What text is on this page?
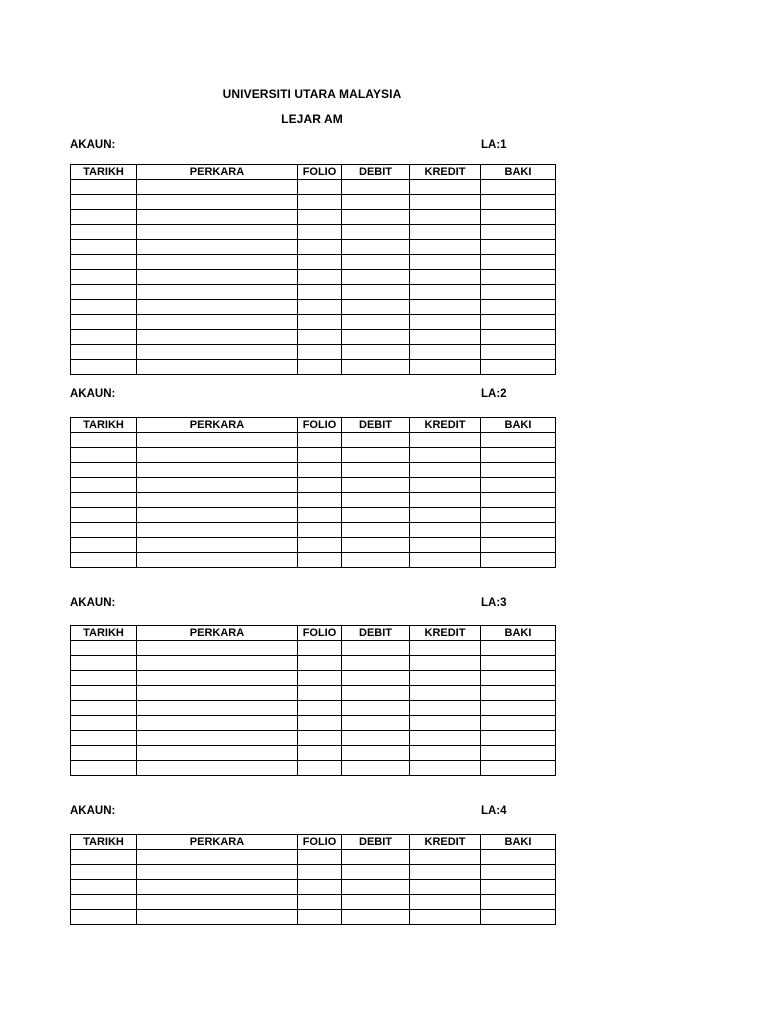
UNIVERSITI UTARA MALAYSIA
LEJAR AM
AKAUN:	LA:1
TARIKH	PERKARA	FOLIO	DEBIT	KREDIT	BAKI

AKAUN:	LA:2
TARIKH	PERKARA	FOLIO	DEBIT	KREDIT	BAKI

AKAUN:	LA:3
TARIKH	PERKARA	FOLIO	DEBIT	KREDIT	BAKI

AKAUN:	LA:4
TARIKH	PERKARA	FOLIO	DEBIT	KREDIT	BAKI
